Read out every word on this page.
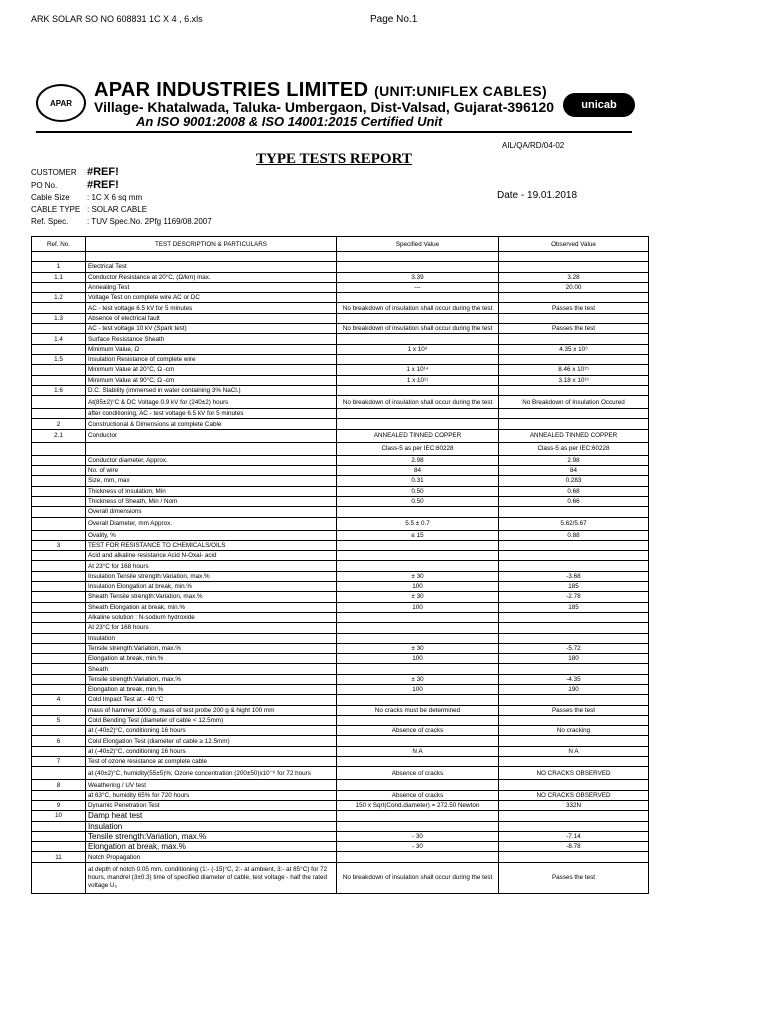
ARK SOLAR SO NO 608831 1C X 4 , 6.xls	Page No.1
APAR
APAR INDUSTRIES LIMITED (UNIT:UNIFLEX CABLES)
Village- Khatalwada, Taluka- Umbergaon, Dist-Valsad, Gujarat-396120
An ISO 9001:2008 & ISO 14001:2015 Certified Unit
unicab
AIL/QA/RD/04-02
TYPE TESTS REPORT
CUSTOMER #REF!
PO No.	#REF!
Cable Size	: 1C X 6 sq mm
CABLE TYPE : SOLAR CABLE
Ref. Spec.	: TUV Spec.No. 2Pfg 1169/08.2007
Date - 19.01.2018
Ref. No.	TEST DESCRIPTION & PARTICULARS	Specified Value	Observed Value

1	Electrical Test		
1.1	Conductor Resistance at 20°C, (Ω/km) max.	3.39	3.28
	Annealing Test	---	20.00
1.2	Voltage Test on complete wire AC or DC		
	AC - test voltage 6.5 kV for 5 minutes	No breakdown of insulation shall occur during the test	Passes the test
1.3	Absence of electrical fault		
	AC - test voltage 10 kV (Spark test)	No breakdown of insulation shall occur during the test	Passes the test
1.4	Surface Resistance Sheath		
	Minimum Value, Ω	1 x 10⁹	4.35 x 10⁹
1.5	Insulation Resistance of complete wire		
	Minimum Value at 20°C, Ω -cm	1 x 10¹⁴	8.46 x 10¹⁵
	Minimum Value at 90°C, Ω -cm	1 x 10¹¹	3.18 x 10¹³
1.6	D.C. Stability (immersed in water containing 3% NaCl.)		
	At(85±2)°C & DC Voltage 0.9 kV for (240±2) hours	No breakdown of insulation shall occur during the test	No Breakdown of Insulation Occured
	after conditioning, AC - test voltage 6.5 kV for 5 minutes		
2	Constructional & Dimensions at complete Cable		
2.1	Conductor	ANNEALED TINNED COPPER	ANNEALED TINNED COPPER
		Class-5 as per IEC:60228	Class-5 as per IEC:60228
	Conductor diameter, Approx.	2.98	2.98
	No. of wire	84	84
	Size, mm, max	0.31	0.283
	Thickness of Insulation, Min	0.50	0.68
	Thickness of Sheath, Min / Nom	0.50	0.66
	Overall dimensions		
	Overall Diameter, mm Approx.	5.5 ± 0.7	5.62/5.67
	Ovality, %	≤ 15	0.88
3	TEST FOR RESISTANCE TO CHEMICALS/OILS		
	Acid and alkaline resistance Acid N-Oxal- acid		
	At 23°C for 168 hours		
	Insulation Tensile strength:Variation, max.%	± 30	-3.68
	Insulation Elongation at break, min.%	100	185
	Sheath Tensile strength:Variation, max.%	± 30	-2.78
	Sheath Elongation at break, min.%	100	185
	Alkaline solution : N-sodium hydroxide		
	At 23°C for 168 hours		
	Insulation		
	Tensile strength:Variation, max.%	± 30	-5.72
	Elongation at break, min.%	100	180
	Sheath		
	Tensile strength:Variation, max.%	± 30	-4.35
	Elongation at break, min.%	100	190
4	Cold Impact Test at - 40 °C		
	mass of hammer 1000 g, mass of test probe 200 g & hight 100 mm	No cracks must be determined	Passes the test
5	Cold Bending Test (diameter of cable < 12.5mm)		
	at (-40±2)°C, conditioning 16 hours	Absence of cracks	No cracking
6	Cold Elongation Test (diameter of cable ≥ 12.5mm)		
	at (-40±2)°C, conditioning 16 hours	N A	N A
7	Test of ozone resistance at complete cable		
	at (40±2)°C, humidity(55±5)%, Ozone concentration (200±50)x10⁻⁶ for 72 hours	Absence of cracks	NO CRACKS OBSERVED
8	Weathering / UV test		
	at 63°C, humidity 65% for 720 hours	Absence of cracks	NO CRACKS OBSERVED
9	Dynamic Penetration Test	150 x Sqrt(Cond.diameter) = 272.50 Newton	332N
10	Damp heat test		
	Insulation		
	Tensile strength:Variation, max.%	- 30	-7.14
	Elongation at break, max.%	- 30	-8.78
11	Notch Propagation		
	at depth of notch 0.05 mm, conditioning (1:- (-15)°C, 2:- at ambient, 3:- at 85°C) for 72 hours, mandrel (3±0.3) time of specified diameter of cable, test voltage - half the rated voltage U₀	No breakdown of insulation shall occur during the test	Passes the test
